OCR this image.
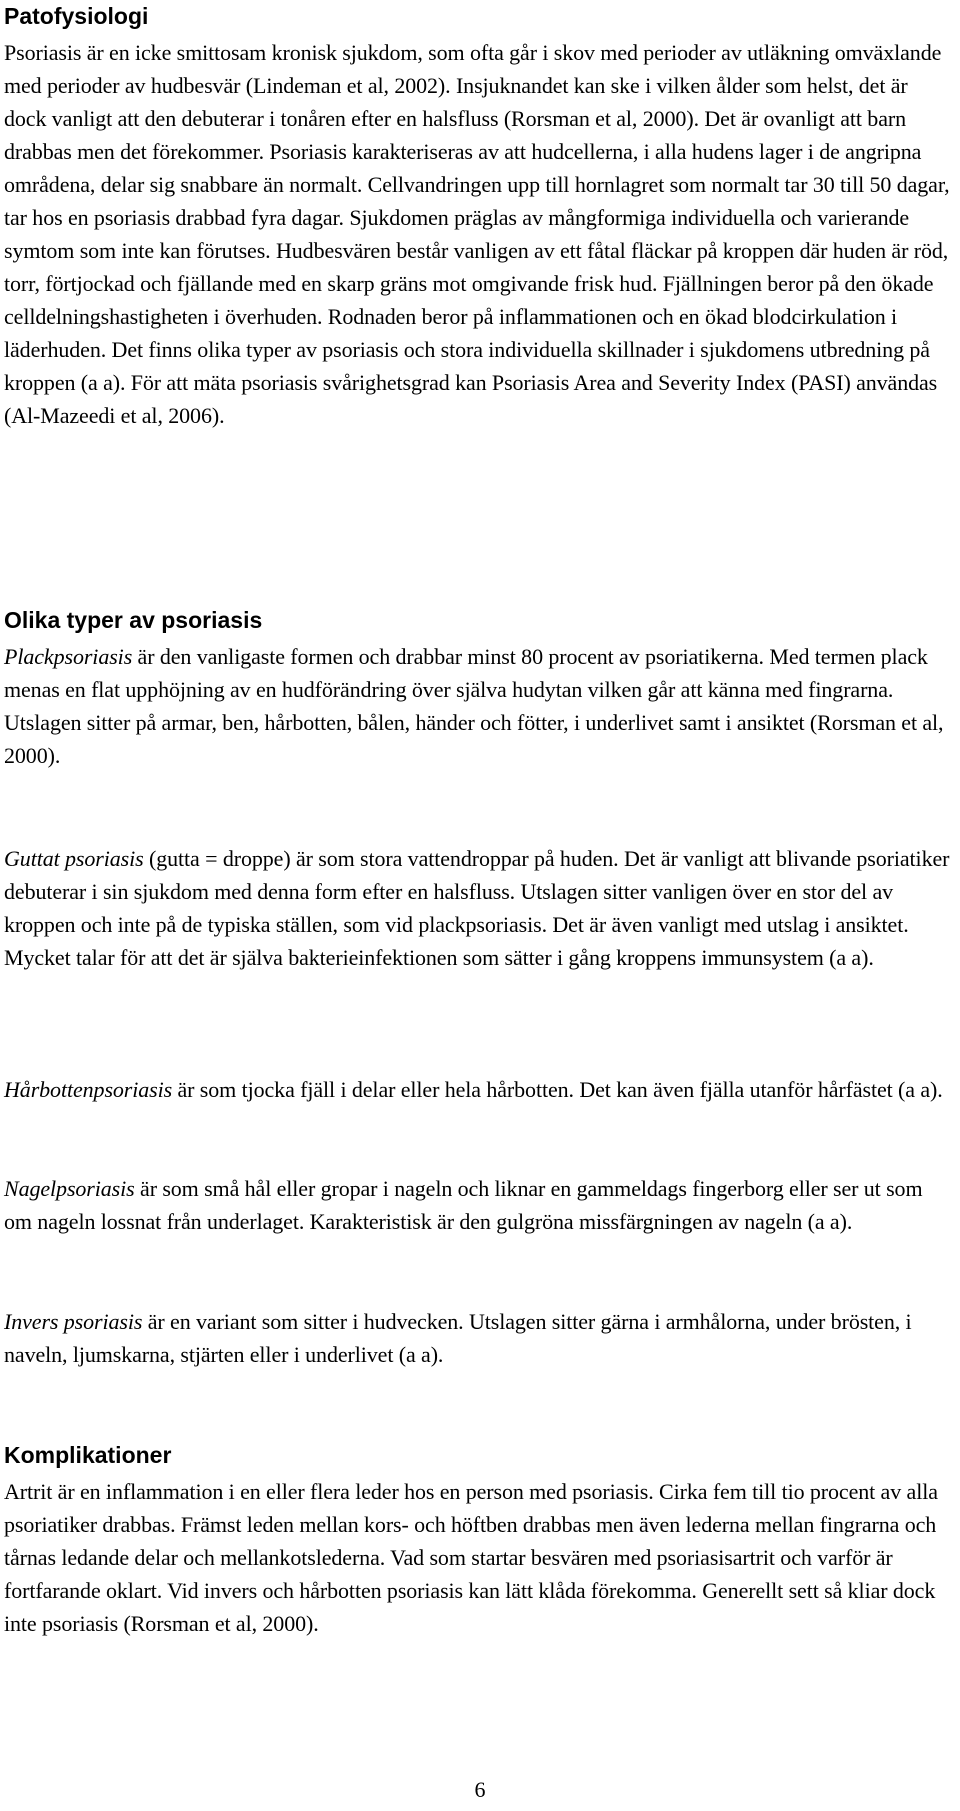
Patofysiologi

Psoriasis är en icke smittosam kronisk sjukdom, som ofta går i skov med perioder av utläkning omväxlande med perioder av hudbesvär (Lindeman et al, 2002). Insjuknandet kan ske i vilken ålder som helst, det är dock vanligt att den debuterar i tonåren efter en halsfluss (Rorsman et al, 2000). Det är ovanligt att barn drabbas men det förekommer. Psoriasis karakteriseras av att hudcellerna, i alla hudens lager i de angripna områdena, delar sig snabbare än normalt. Cellvandringen upp till hornlagret som normalt tar 30 till 50 dagar, tar hos en psoriasis drabbad fyra dagar. Sjukdomen präglas av mångformiga individuella och varierande symtom som inte kan förutses. Hudbesvären består vanligen av ett fåtal fläckar på kroppen där huden är röd, torr, förtjockad och fjällande med en skarp gräns mot omgivande frisk hud. Fjällningen beror på den ökade celldelningshastigheten i överhuden. Rodnaden beror på inflammationen och en ökad blodcirkulation i läderhuden. Det finns olika typer av psoriasis och stora individuella skillnader i sjukdomens utbredning på kroppen (a a). För att mäta psoriasis svårighetsgrad kan Psoriasis Area and Severity Index (PASI) användas (Al-Mazeedi et al, 2006).

Olika typer av psoriasis

Plackpsoriasis är den vanligaste formen och drabbar minst 80 procent av psoriatikerna. Med termen plack menas en flat upphöjning av en hudförändring över själva hudytan vilken går att känna med fingrarna. Utslagen sitter på armar, ben, hårbotten, bålen, händer och fötter, i underlivet samt i ansiktet (Rorsman et al, 2000).

Guttat psoriasis (gutta = droppe) är som stora vattendroppar på huden. Det är vanligt att blivande psoriatiker debuterar i sin sjukdom med denna form efter en halsfluss. Utslagen sitter vanligen över en stor del av kroppen och inte på de typiska ställen, som vid plackpsoriasis. Det är även vanligt med utslag i ansiktet. Mycket talar för att det är själva bakterieinfektionen som sätter i gång kroppens immunsystem (a a).

Hårbottenpsoriasis är som tjocka fjäll i delar eller hela hårbotten. Det kan även fjälla utanför hårfästet (a a).

Nagelpsoriasis är som små hål eller gropar i nageln och liknar en gammeldags fingerborg eller ser ut som om nageln lossnat från underlaget. Karakteristisk är den gulgröna missfärgningen av nageln (a a).

Invers psoriasis är en variant som sitter i hudvecken. Utslagen sitter gärna i armhålorna, under brösten, i naveln, ljumskarna, stjärten eller i underlivet (a a).

Komplikationer

Artrit är en inflammation i en eller flera leder hos en person med psoriasis. Cirka fem till tio procent av alla psoriatiker drabbas. Främst leden mellan kors- och höftben drabbas men även lederna mellan fingrarna och tårnas ledande delar och mellankotslederna. Vad som startar besvären med psoriasisartrit och varför är fortfarande oklart. Vid invers och hårbotten psoriasis kan lätt klåda förekomma. Generellt sett så kliar dock inte psoriasis (Rorsman et al, 2000).

6
